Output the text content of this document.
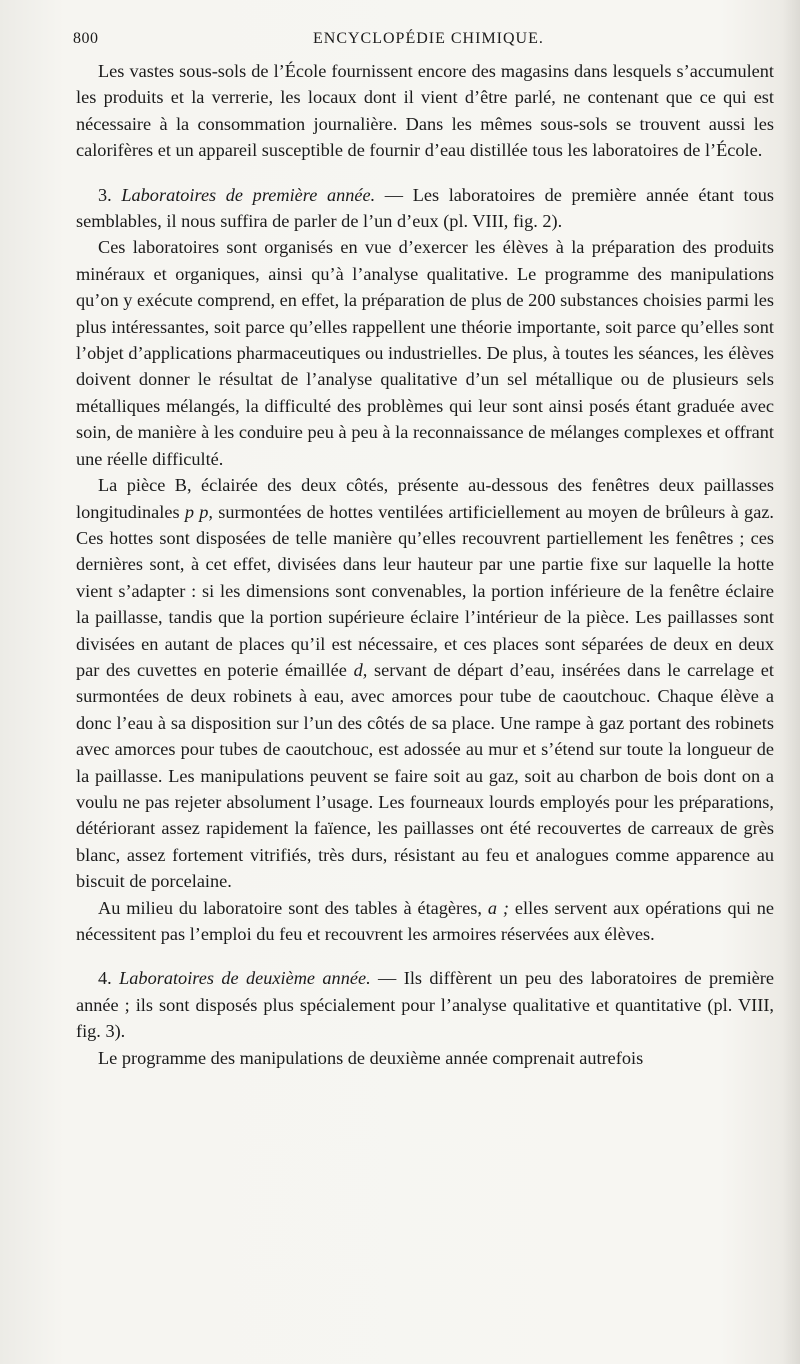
800	ENCYCLOPÉDIE CHIMIQUE.

Les vastes sous-sols de l’École fournissent encore des magasins dans lesquels s’accumulent les produits et la verrerie, les locaux dont il vient d’être parlé, ne contenant que ce qui est nécessaire à la consommation journalière. Dans les mêmes sous-sols se trouvent aussi les calorifères et un appareil susceptible de fournir d’eau distillée tous les laboratoires de l’École.

3. Laboratoires de première année. — Les laboratoires de première année étant tous semblables, il nous suffira de parler de l’un d’eux (pl. VIII, fig. 2).

Ces laboratoires sont organisés en vue d’exercer les élèves à la préparation des produits minéraux et organiques, ainsi qu’à l’analyse qualitative. Le programme des manipulations qu’on y exécute comprend, en effet, la préparation de plus de 200 substances choisies parmi les plus intéressantes, soit parce qu’elles rappellent une théorie importante, soit parce qu’elles sont l’objet d’applications pharmaceutiques ou industrielles. De plus, à toutes les séances, les élèves doivent donner le résultat de l’analyse qualitative d’un sel métallique ou de plusieurs sels métalliques mélangés, la difficulté des problèmes qui leur sont ainsi posés étant graduée avec soin, de manière à les conduire peu à peu à la reconnaissance de mélanges complexes et offrant une réelle difficulté.

La pièce B, éclairée des deux côtés, présente au-dessous des fenêtres deux paillasses longitudinales p p, surmontées de hottes ventilées artificiellement au moyen de brûleurs à gaz. Ces hottes sont disposées de telle manière qu’elles recouvrent partiellement les fenêtres ; ces dernières sont, à cet effet, divisées dans leur hauteur par une partie fixe sur laquelle la hotte vient s’adapter : si les dimensions sont convenables, la portion inférieure de la fenêtre éclaire la paillasse, tandis que la portion supérieure éclaire l’intérieur de la pièce. Les paillasses sont divisées en autant de places qu’il est nécessaire, et ces places sont séparées de deux en deux par des cuvettes en poterie émaillée d, servant de départ d’eau, insérées dans le carrelage et surmontées de deux robinets à eau, avec amorces pour tube de caoutchouc. Chaque élève a donc l’eau à sa disposition sur l’un des côtés de sa place. Une rampe à gaz portant des robinets avec amorces pour tubes de caoutchouc, est adossée au mur et s’étend sur toute la longueur de la paillasse. Les manipulations peuvent se faire soit au gaz, soit au charbon de bois dont on a voulu ne pas rejeter absolument l’usage. Les fourneaux lourds employés pour les préparations, détériorant assez rapidement la faïence, les paillasses ont été recouvertes de carreaux de grès blanc, assez fortement vitrifiés, très durs, résistant au feu et analogues comme apparence au biscuit de porcelaine.

Au milieu du laboratoire sont des tables à étagères, a ; elles servent aux opérations qui ne nécessitent pas l’emploi du feu et recouvrent les armoires réservées aux élèves.

4. Laboratoires de deuxième année. — Ils diffèrent un peu des laboratoires de première année ; ils sont disposés plus spécialement pour l’analyse qualitative et quantitative (pl. VIII, fig. 3).

Le programme des manipulations de deuxième année comprenait autrefois
